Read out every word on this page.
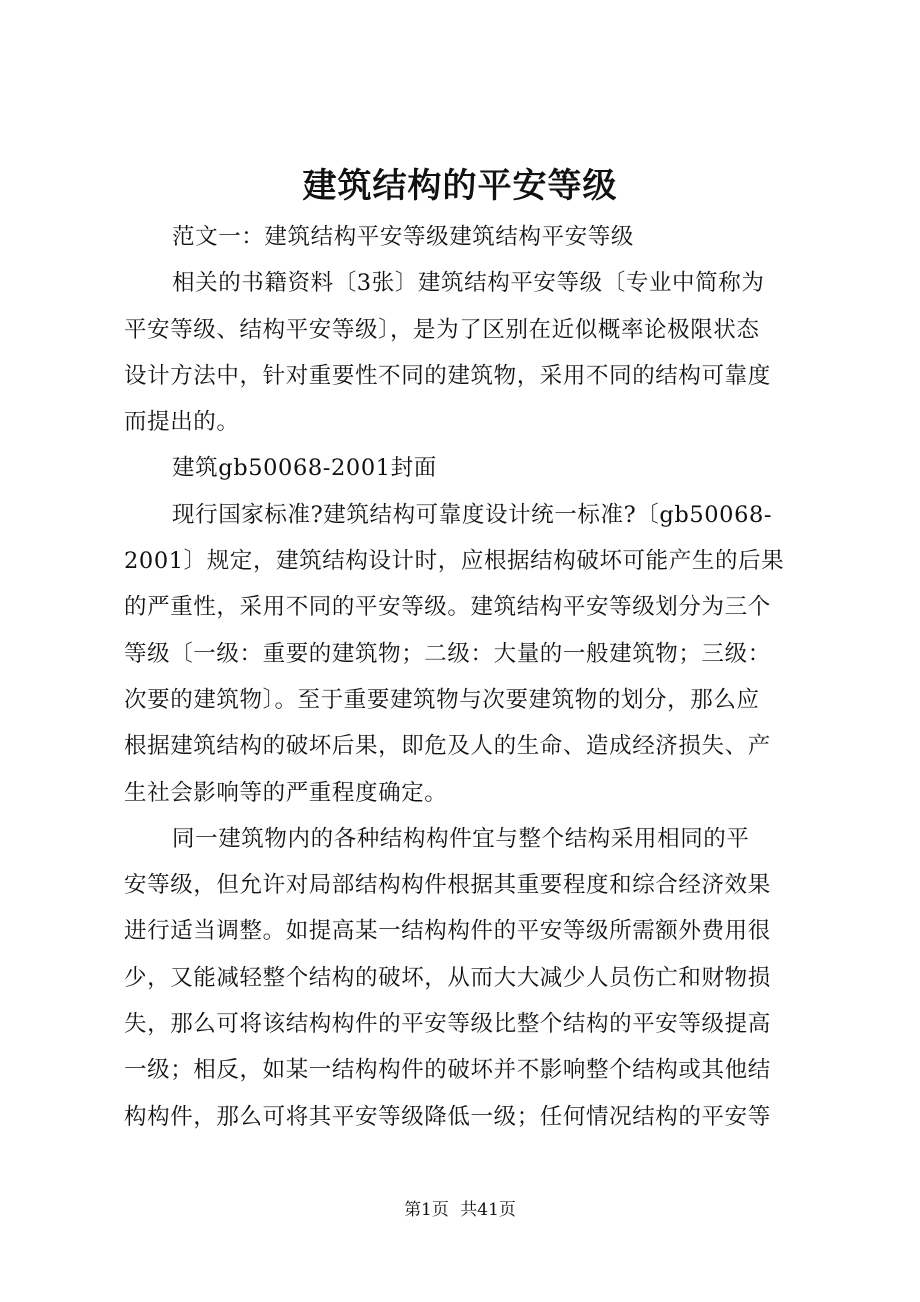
建筑结构的平安等级
范文一：建筑结构平安等级建筑结构平安等级
相关的书籍资料〔3张〕建筑结构平安等级〔专业中简称为
平安等级、结构平安等级〕，是为了区别在近似概率论极限状态
设计方法中，针对重要性不同的建筑物，采用不同的结构可靠度
而提出的。
建筑gb50068-2001封面
现行国家标准?建筑结构可靠度设计统一标准?〔gb50068-
2001〕规定，建筑结构设计时，应根据结构破坏可能产生的后果
的严重性，采用不同的平安等级。建筑结构平安等级划分为三个
等级〔一级：重要的建筑物；二级：大量的一般建筑物；三级：
次要的建筑物〕。至于重要建筑物与次要建筑物的划分，那么应
根据建筑结构的破坏后果，即危及人的生命、造成经济损失、产
生社会影响等的严重程度确定。
同一建筑物内的各种结构构件宜与整个结构采用相同的平
安等级，但允许对局部结构构件根据其重要程度和综合经济效果
进行适当调整。如提高某一结构构件的平安等级所需额外费用很
少，又能减轻整个结构的破坏，从而大大减少人员伤亡和财物损
失，那么可将该结构构件的平安等级比整个结构的平安等级提高
一级；相反，如某一结构构件的破坏并不影响整个结构或其他结
构构件，那么可将其平安等级降低一级；任何情况结构的平安等
第1页 共41页
